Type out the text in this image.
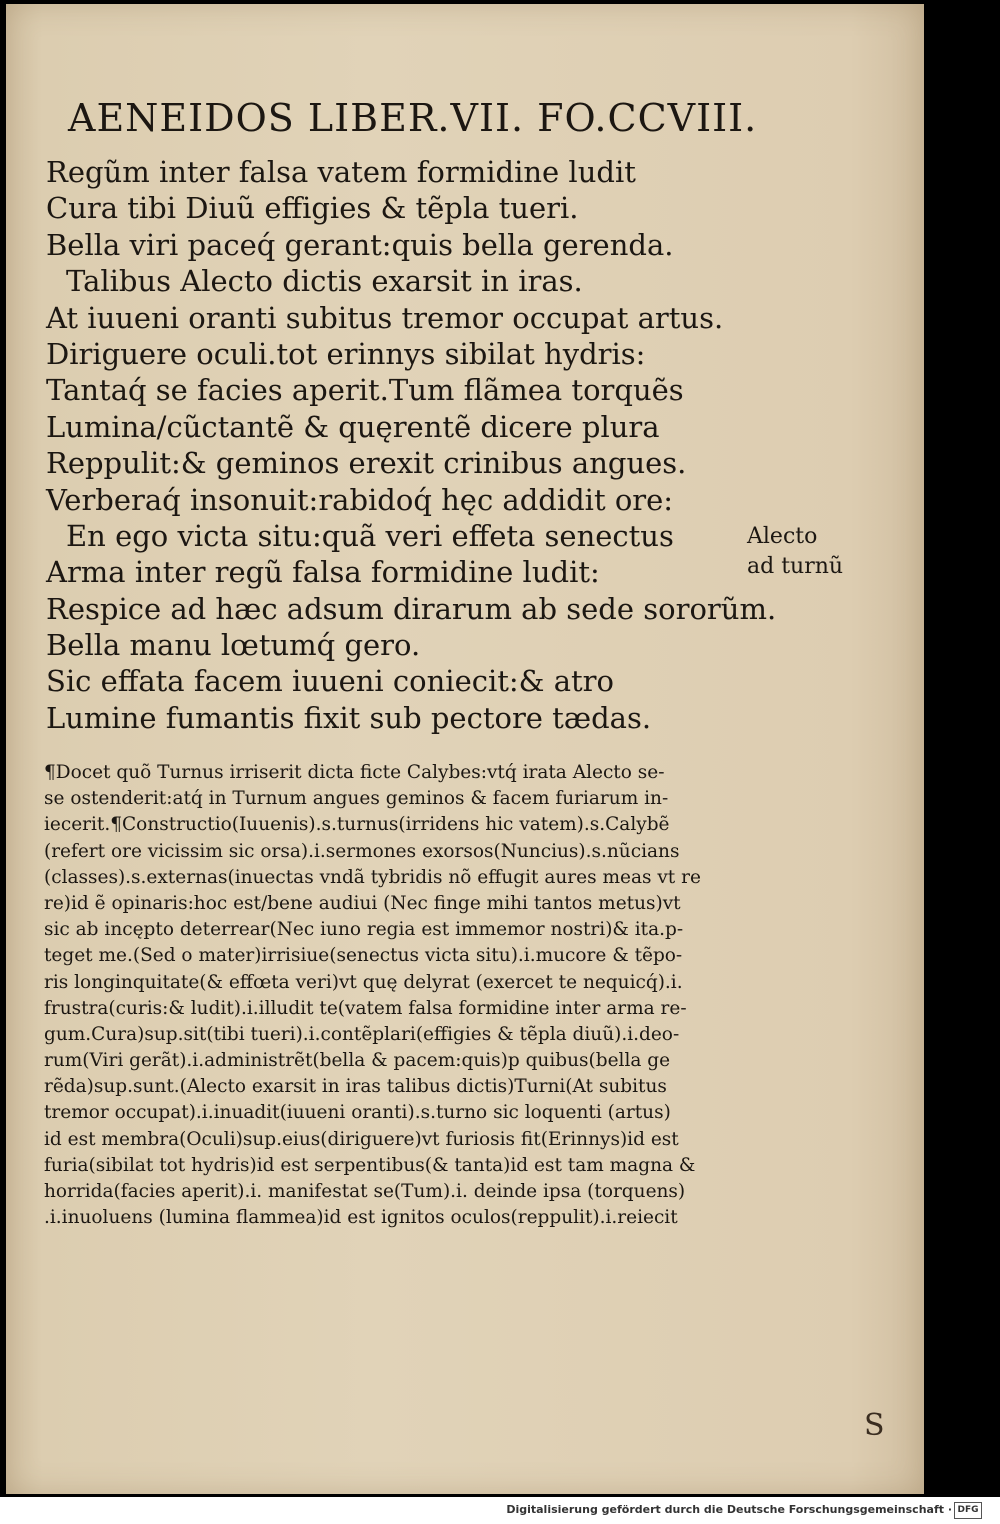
AENEIDOS LIBER.VII. FO.CCVIII.
Regũm inter falsa vatem formidine ludit
Cura tibi Diuũ effigies & tẽpla tueri.
Bella viri paceq́ gerant:quis bella gerenda.
Talibus Alecto dictis exarsit in iras.
At iuueni oranti subitus tremor occupat artus.
Diriguere oculi.tot erinnys sibilat hydris:
Tantaq́ se facies aperit.Tum flãmea torquẽs
Lumina/cũctantẽ & quęrentẽ dicere plura
Reppulit:& geminos erexit crinibus angues.
Verberaq́ insonuit:rabidoq́ hęc addidit ore:
En ego victa situ:quã veri effeta senectus
Arma inter regũ falsa formidine ludit:
Respice ad hæc adsum dirarum ab sede sororũm.
Bella manu lœtumq́ gero.
Sic effata facem iuueni coniecit:& atro
Lumine fumantis fixit sub pectore tædas.
Alecto
ad turnũ
¶Docet quõ Turnus irriserit dicta ficte Calybes:vtq́ irata Alecto se-
se ostenderit:atq́ in Turnum angues geminos & facem furiarum in-
iecerit.¶Constructio(Iuuenis).s.turnus(irridens hic vatem).s.Calybẽ
(refert ore vicissim sic orsa).i.sermones exorsos(Nuncius).s.nũcians
(classes).s.externas(inuectas vndã tybridis nõ effugit aures meas vt re
re)id ẽ opinaris:hoc est/bene audiui (Nec finge mihi tantos metus)vt
sic ab incępto deterrear(Nec iuno regia est immemor nostri)& ita.p-
teget me.(Sed o mater)irrisiue(senectus victa situ).i.mucore & tẽpo-
ris longinquitate(& effœta veri)vt quę delyrat (exercet te nequicq́).i.
frustra(curis:& ludit).i.illudit te(vatem falsa formidine inter arma re-
gum.Cura)sup.sit(tibi tueri).i.contẽplari(effigies & tẽpla diuũ).i.deo-
rum(Viri gerãt).i.administrẽt(bella & pacem:quis)p quibus(bella ge
rẽda)sup.sunt.(Alecto exarsit in iras talibus dictis)Turni(At subitus
tremor occupat).i.inuadit(iuueni oranti).s.turno sic loquenti (artus)
id est membra(Oculi)sup.eius(diriguere)vt furiosis fit(Erinnys)id est
furia(sibilat tot hydris)id est serpentibus(& tanta)id est tam magna &
horrida(facies aperit).i. manifestat se(Tum).i. deinde ipsa (torquens)
.i.inuoluens (lumina flammea)id est ignitos oculos(reppulit).i.reiecit
S
Digitalisierung gefördert durch die Deutsche Forschungsgemeinschaft · DFG
